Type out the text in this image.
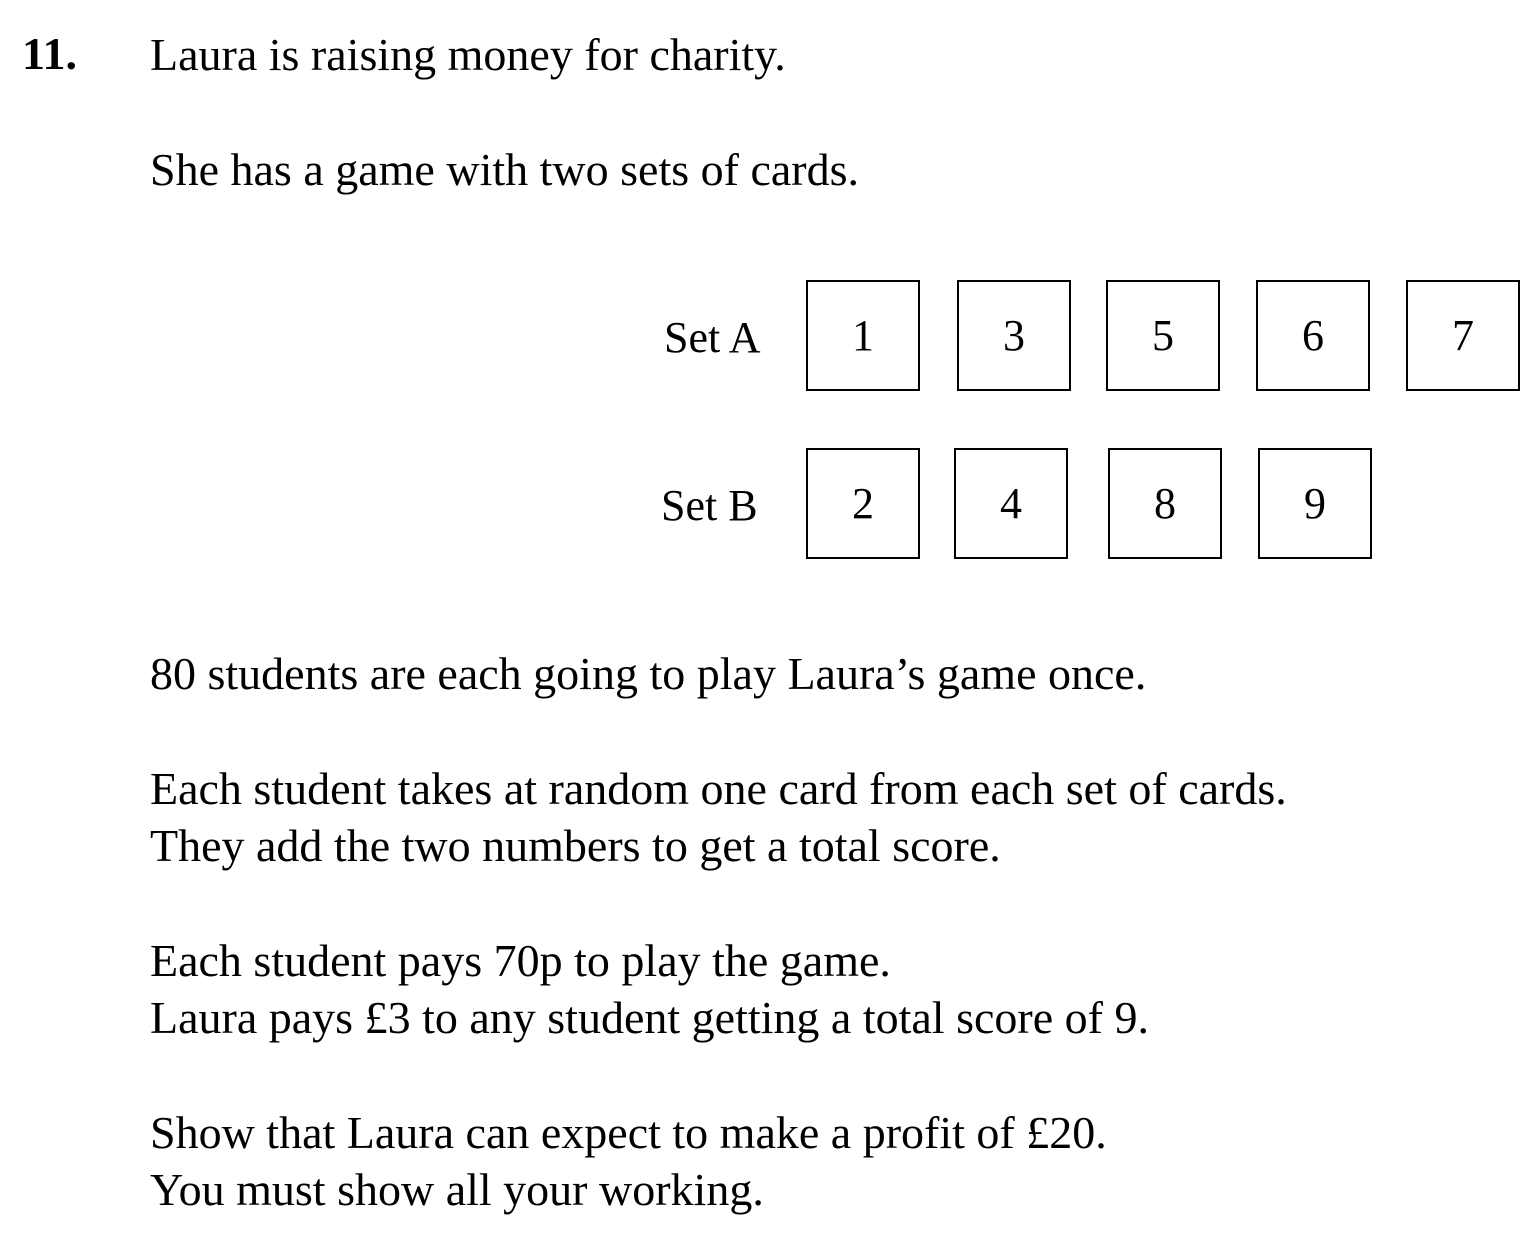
11. Laura is raising money for charity.
She has a game with two sets of cards.
Set A	1	3	5	6	7
Set B	2	4	8	9
80 students are each going to play Laura’s game once.
Each student takes at random one card from each set of cards.
They add the two numbers to get a total score.
Each student pays 70p to play the game.
Laura pays £3 to any student getting a total score of 9.
Show that Laura can expect to make a profit of £20.
You must show all your working.
